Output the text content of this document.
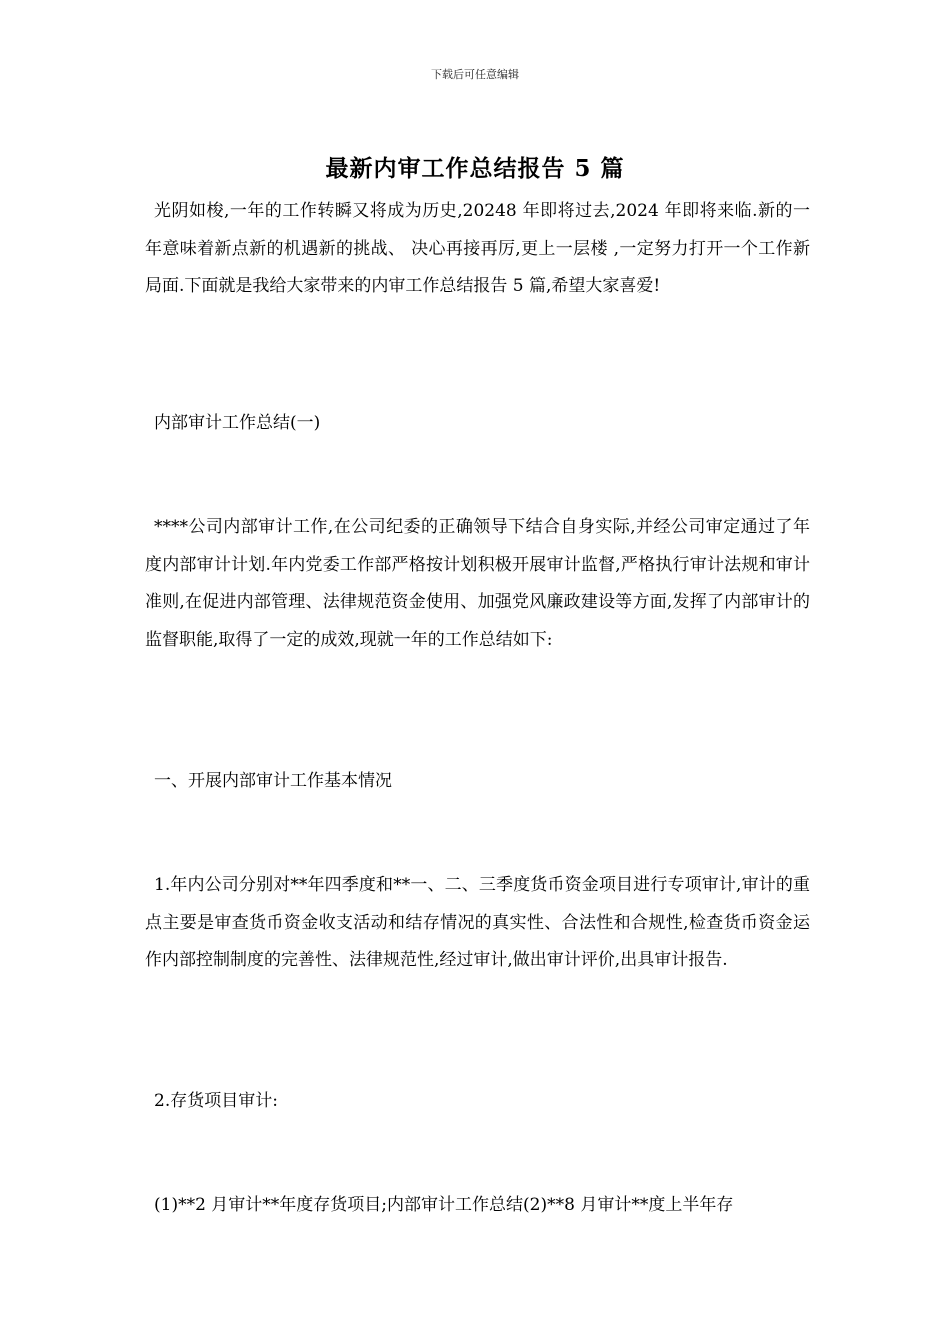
下载后可任意编辑
最新内审工作总结报告 5 篇

光阴如梭,一年的工作转瞬又将成为历史,20248 年即将过去,2024 年即将来临.新的一年意味着新点新的机遇新的挑战、 决心再接再厉,更上一层楼 ,一定努力打开一个工作新局面.下面就是我给大家带来的内审工作总结报告 5 篇,希望大家喜爱!

内部审计工作总结(一)

****公司内部审计工作,在公司纪委的正确领导下结合自身实际,并经公司审定通过了年度内部审计计划.年内党委工作部严格按计划积极开展审计监督,严格执行审计法规和审计准则,在促进内部管理、法律规范资金使用、加强党风廉政建设等方面,发挥了内部审计的监督职能,取得了一定的成效,现就一年的工作总结如下:

一、开展内部审计工作基本情况

1.年内公司分别对**年四季度和**一、二、三季度货币资金项目进行专项审计,审计的重点主要是审查货币资金收支活动和结存情况的真实性、合法性和合规性,检查货币资金运作内部控制制度的完善性、法律规范性,经过审计,做出审计评价,出具审计报告.

2.存货项目审计:

(1)**2 月审计**年度存货项目;内部审计工作总结(2)**8 月审计**度上半年存
